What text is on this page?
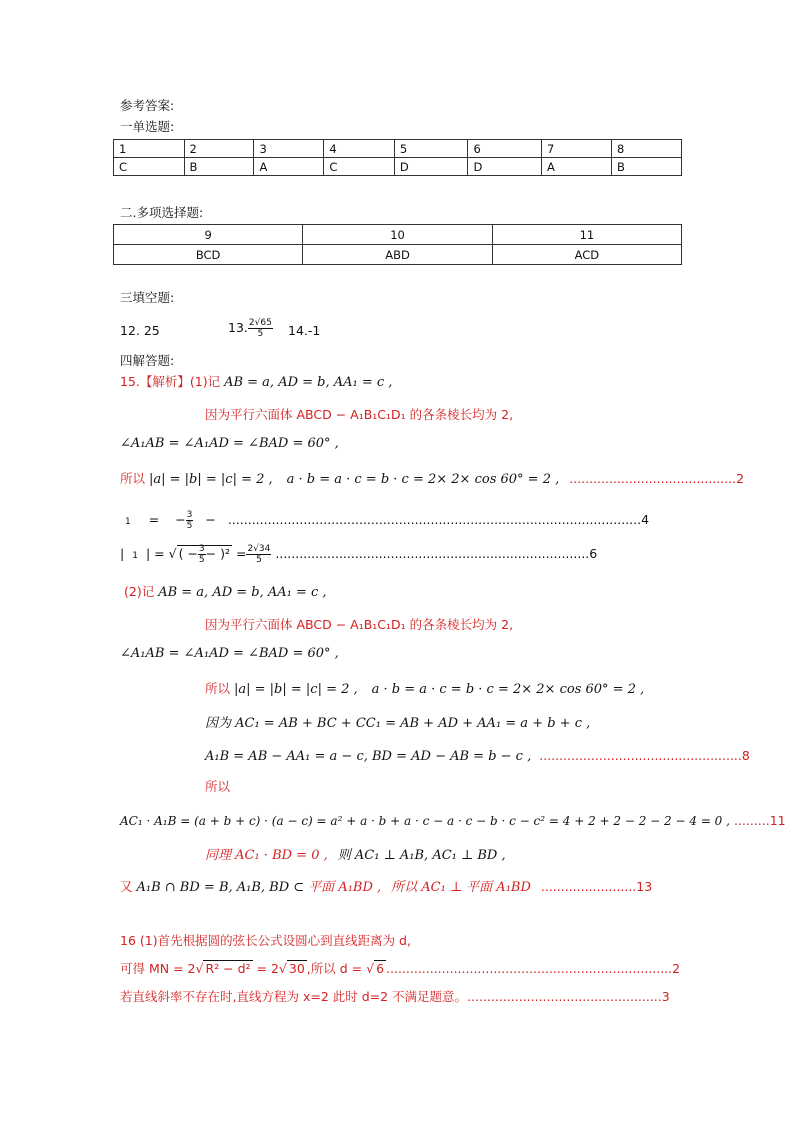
参考答案:
一单选题:
1	2	3	4	5	6	7	8
C	B	A	C	D	D	A	B
二.多项选择题:
9	10	11
BCD	ABD	ACD
三填空题:
12. 25	13. $\frac{2√65}{5} 14.-1$
四解答题:
15.【解析】(1)记 AB = a, AD = b, AA₁ = c ,
因为平行六面体 ABCD − A₁B₁C₁D₁ 的各条棱长均为 2,
∠A₁AB = ∠A₁AD = ∠BAD = 60° ,
所以 |a| = |b| = |c| = 2 , a · b = a · c = b · c = 2× 2× cos 60° = 2 , ..........................................2
1 = − $\frac{3}{5} - ........................................................................................................4$
| 1 | = √ ( − $\frac{3}{5} - )^2 = \frac{2√34}{5} ...............................................................................6$
(2)记 AB = a, AD = b, AA₁ = c ,
因为平行六面体 ABCD − A₁B₁C₁D₁ 的各条棱长均为 2,
∠A₁AB = ∠A₁AD = ∠BAD = 60° ,
所以 |a| = |b| = |c| = 2 , a · b = a · c = b · c = 2× 2× cos 60° = 2 ,
因为 AC₁ = AB + BC + CC₁ = AB + AD + AA₁ = a + b + c ,
A₁B = AB − AA₁ = a − c, BD = AD − AB = b − c , ...................................................8
所以
AC₁ · A₁B = (a + b + c) · (a − c) = a² + a · b + a · c − a · c − b · c − c² = 4 + 2 + 2 − 2 − 2 − 4 = 0 , .........11
同理 AC₁ · BD = 0 , 则 AC₁ ⊥ A₁B, AC₁ ⊥ BD ,
又 A₁B ∩ BD = B, A₁B, BD ⊂ 平面 A₁BD , 所以 AC₁ ⊥ 平面 A₁BD ........................13
16 (1)首先根据圆的弦长公式设圆心到直线距离为 d,
可得 MN = 2√ R² − d² = 2√ 30 ,所以 d = √ 6 ........................................................................2
若直线斜率不存在时,直线方程为 x=2 此时 d=2 不满足题意。.................................................3
